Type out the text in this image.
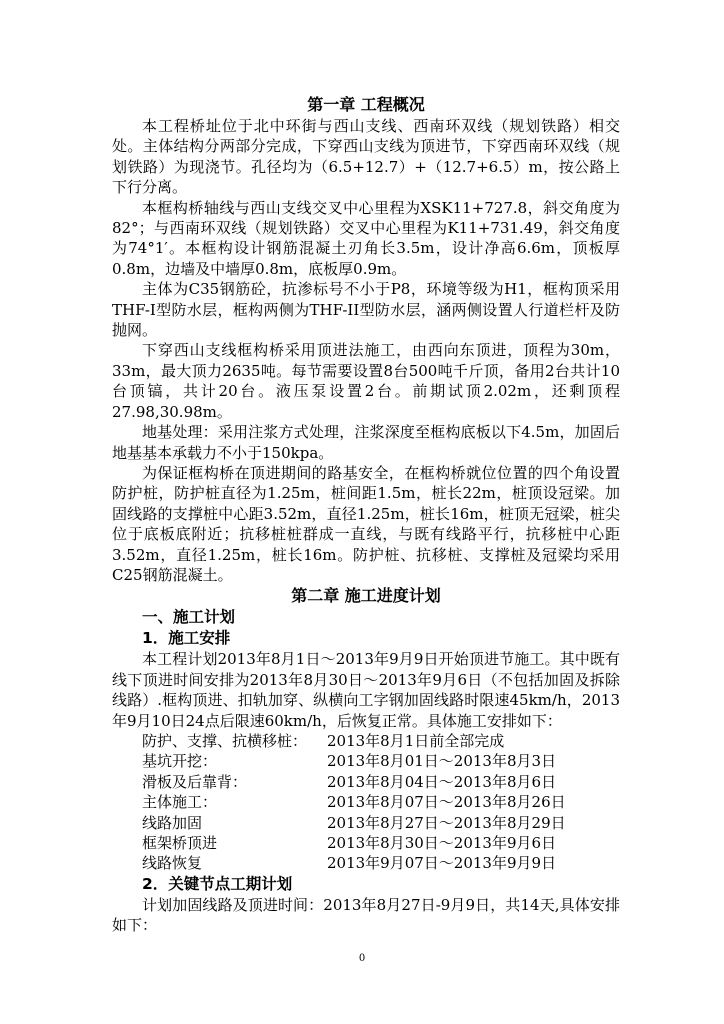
第一章 工程概况
本工程桥址位于北中环街与西山支线、西南环双线（规划铁路）相交处。主体结构分两部分完成，下穿西山支线为顶进节，下穿西南环双线（规划铁路）为现浇节。孔径均为（6.5+12.7）+（12.7+6.5）m，按公路上下行分离。
本框构桥轴线与西山支线交叉中心里程为XSK11+727.8，斜交角度为82°；与西南环双线（规划铁路）交叉中心里程为K11+731.49，斜交角度为74°1′。本框构设计钢筋混凝土刃角长3.5m，设计净高6.6m，顶板厚0.8m，边墙及中墙厚0.8m，底板厚0.9m。
主体为C35钢筋砼，抗渗标号不小于P8，环境等级为H1，框构顶采用THF-I型防水层，框构两侧为THF-II型防水层，涵两侧设置人行道栏杆及防抛网。
下穿西山支线框构桥采用顶进法施工，由西向东顶进，顶程为30m，33m，最大顶力2635吨。每节需要设置8台500吨千斤顶，备用2台共计10台顶镐，共计20台。液压泵设置2台。前期试顶2.02m，还剩顶程27.98,30.98m。
地基处理：采用注浆方式处理，注浆深度至框构底板以下4.5m，加固后地基基本承载力不小于150kpa。
为保证框构桥在顶进期间的路基安全，在框构桥就位位置的四个角设置防护桩，防护桩直径为1.25m，桩间距1.5m，桩长22m，桩顶设冠梁。加固线路的支撑桩中心距3.52m，直径1.25m，桩长16m，桩顶无冠梁，桩尖位于底板底附近；抗移桩桩群成一直线，与既有线路平行，抗移桩中心距3.52m，直径1.25m，桩长16m。防护桩、抗移桩、支撑桩及冠梁均采用C25钢筋混凝土。
第二章 施工进度计划
一、施工计划
1．施工安排
本工程计划2013年8月1日～2013年9月9日开始顶进节施工。其中既有线下顶进时间安排为2013年8月30日～2013年9月6日（不包括加固及拆除线路）.框构顶进、扣轨加穿、纵横向工字钢加固线路时限速45km/h，2013年9月10日24点后限速60km/h，后恢复正常。具体施工安排如下：
防护、支撑、抗横移桩：	2013年8月1日前全部完成
基坑开挖：	2013年8月01日～2013年8月3日
滑板及后靠背：	2013年8月04日～2013年8月6日
主体施工：	2013年8月07日～2013年8月26日
线路加固	2013年8月27日～2013年8月29日
框架桥顶进	2013年8月30日～2013年9月6日
线路恢复	2013年9月07日～2013年9月9日
2．关键节点工期计划
计划加固线路及顶进时间：2013年8月27日-9月9日，共14天,具体安排如下：
0
